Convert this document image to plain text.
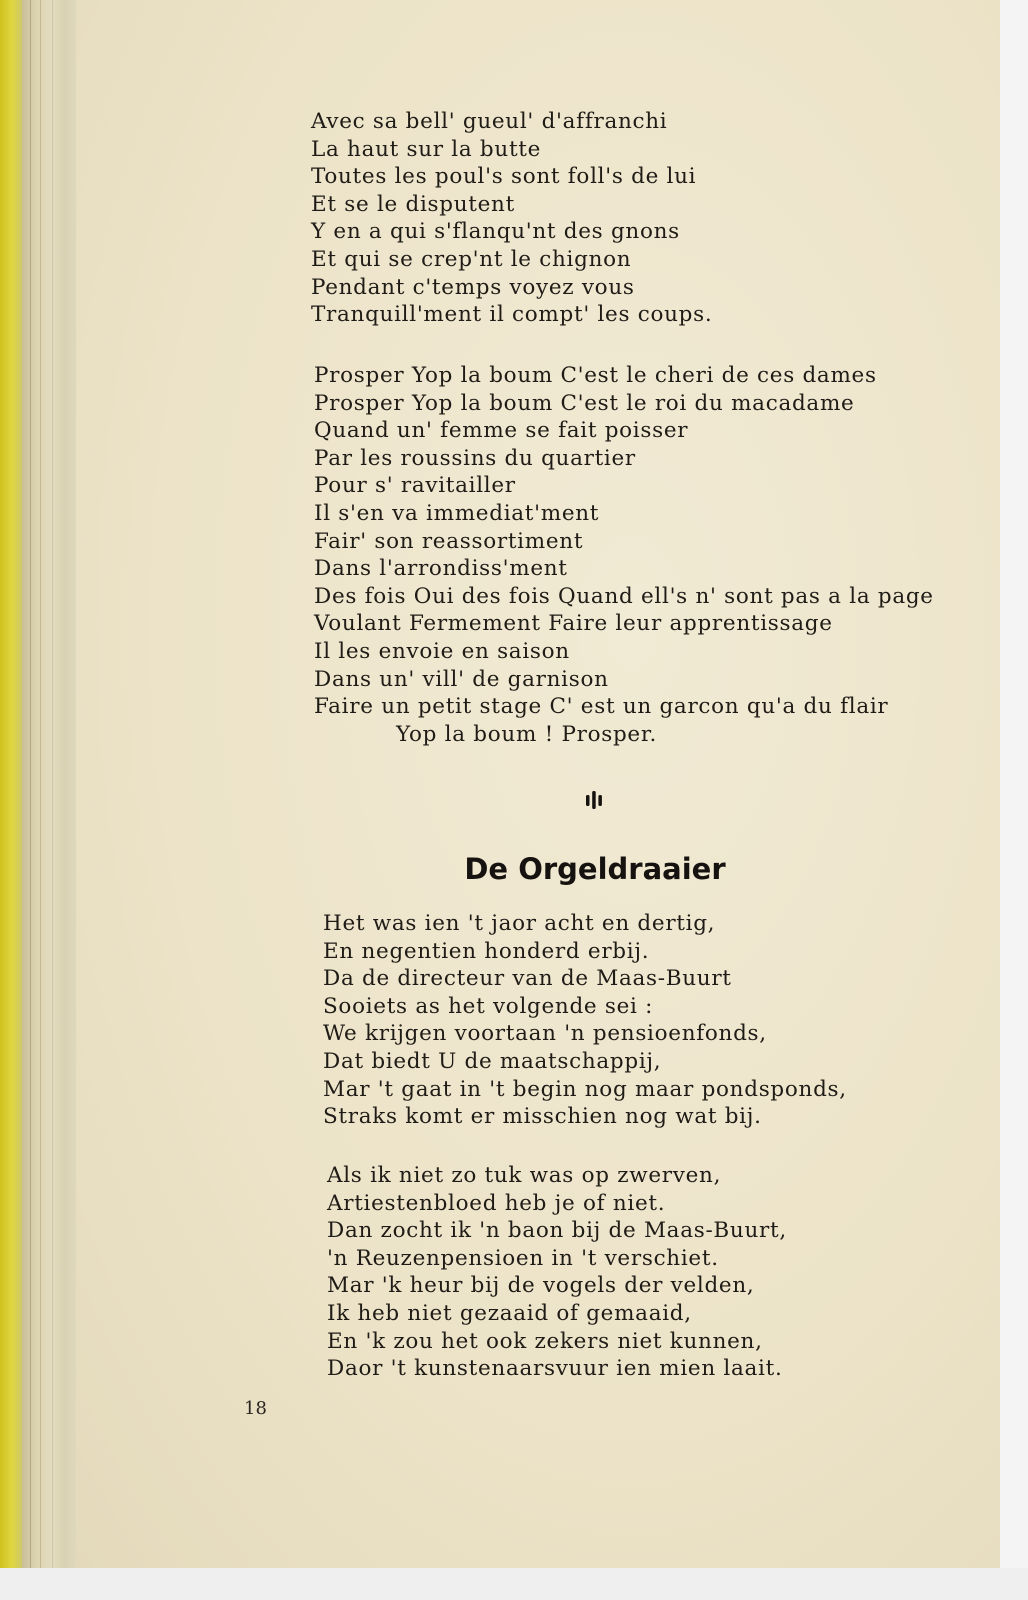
Avec sa bell' gueul' d'affranchi
La haut sur la butte
Toutes les poul's sont foll's de lui
Et se le disputent
Y en a qui s'flanqu'nt des gnons
Et qui se crep'nt le chignon
Pendant c'temps voyez vous
Tranquill'ment il compt' les coups.
Prosper Yop la boum C'est le cheri de ces dames
Prosper Yop la boum C'est le roi du macadame
Quand un' femme se fait poisser
Par les roussins du quartier
Pour s' ravitailler
Il s'en va immediat'ment
Fair' son reassortiment
Dans l'arrondiss'ment
Des fois Oui des fois Quand ell's n' sont pas a la page
Voulant Fermement Faire leur apprentissage
Il les envoie en saison
Dans un' vill' de garnison
Faire un petit stage C' est un garcon qu'a du flair
Yop la boum ! Prosper.
De Orgeldraaier
Het was ien 't jaor acht en dertig,
En negentien honderd erbij.
Da de directeur van de Maas-Buurt
Sooiets as het volgende sei :
We krijgen voortaan 'n pensioenfonds,
Dat biedt U de maatschappij,
Mar 't gaat in 't begin nog maar pondsponds,
Straks komt er misschien nog wat bij.
Als ik niet zo tuk was op zwerven,
Artiestenbloed heb je of niet.
Dan zocht ik 'n baon bij de Maas-Buurt,
'n Reuzenpensioen in 't verschiet.
Mar 'k heur bij de vogels der velden,
Ik heb niet gezaaid of gemaaid,
En 'k zou het ook zekers niet kunnen,
Daor 't kunstenaarsvuur ien mien laait.
18
